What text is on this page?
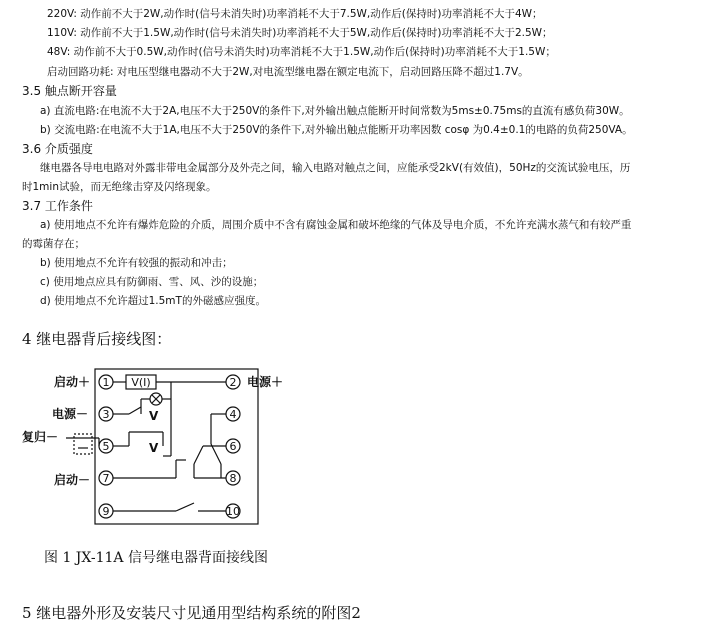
220V: 动作前不大于2W,动作时(信号未消失时)功率消耗不大于7.5W,动作后(保持时)功率消耗不大于4W；
110V: 动作前不大于1.5W,动作时(信号未消失时)功率消耗不大于5W,动作后(保持时)功率消耗不大于2.5W；
48V: 动作前不大于0.5W,动作时(信号未消失时)功率消耗不大于1.5W,动作后(保持时)功率消耗不大于1.5W；
启动回路功耗: 对电压型继电器动不大于2W,对电流型继电器在额定电流下，启动回路压降不超过1.7V。
3.5 触点断开容量
a) 直流电路:在电流不大于2A,电压不大于250V的条件下,对外输出触点能断开时间常数为5ms±0.75ms的直流有感负荷30W。
b) 交流电路:在电流不大于1A,电压不大于250V的条件下,对外输出触点能断开功率因数 cosφ 为0.4±0.1的电路的负荷250VA。
3.6 介质强度
继电器各导电电路对外露非带电金属部分及外壳之间，输入电路对触点之间，应能承受2kV(有效值)，50Hz的交流试验电压，历
时1min试验，而无绝缘击穿及闪络现象。
3.7 工作条件
a) 使用地点不允许有爆炸危险的介质，周围介质中不含有腐蚀金属和破坏绝缘的气体及导电介质，不允许充满水蒸气和有较严重
的霉菌存在；
b) 使用地点不允许有较强的振动和冲击；
c) 使用地点应具有防御雨、雪、风、沙的设施；
d) 使用地点不允许超过1.5mT的外磁感应强度。
4 继电器背后接线图：
启动＋
电源－
复归－
启动－
电源＋
1
3
5
7
9
2
4
6
8
10
V(I)
V
V
图 1 JX-11A 信号继电器背面接线图
5 继电器外形及安装尺寸见通用型结构系统的附图2
